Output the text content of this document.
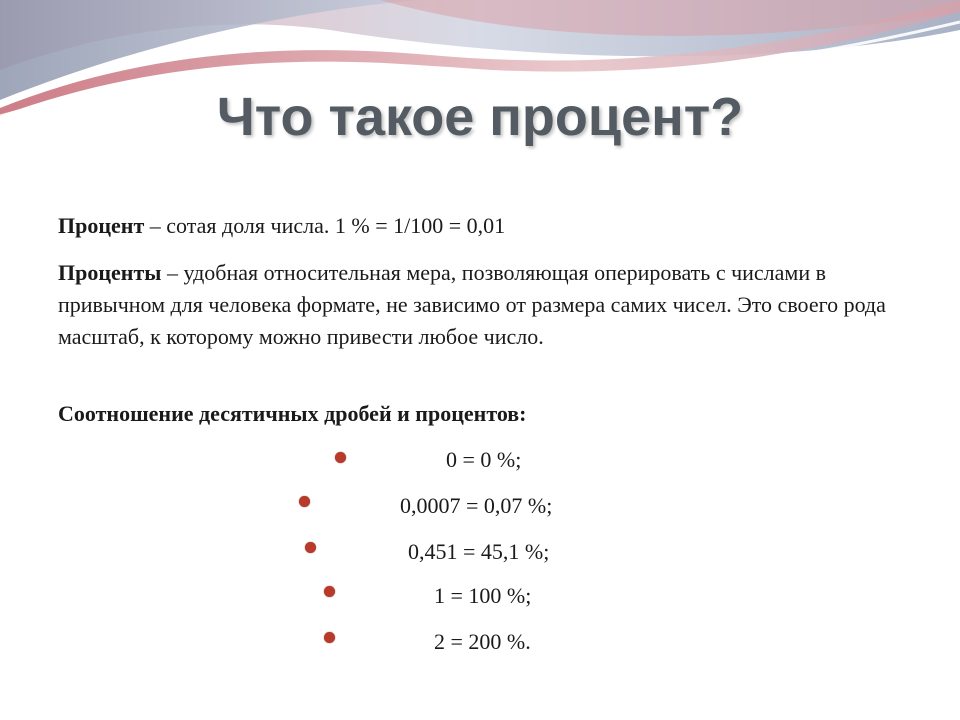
Что такое процент?

Процент – сотая доля числа. 1 % = 1/100 = 0,01

Проценты – удобная относительная мера, позволяющая оперировать с числами в привычном для человека формате, не зависимо от размера самих чисел. Это своего рода масштаб, к которому можно привести любое число.

Соотношение десятичных дробей и процентов:

0 = 0 %;
0,0007 = 0,07 %;
0,451 = 45,1 %;
1 = 100 %;
2 = 200 %.
